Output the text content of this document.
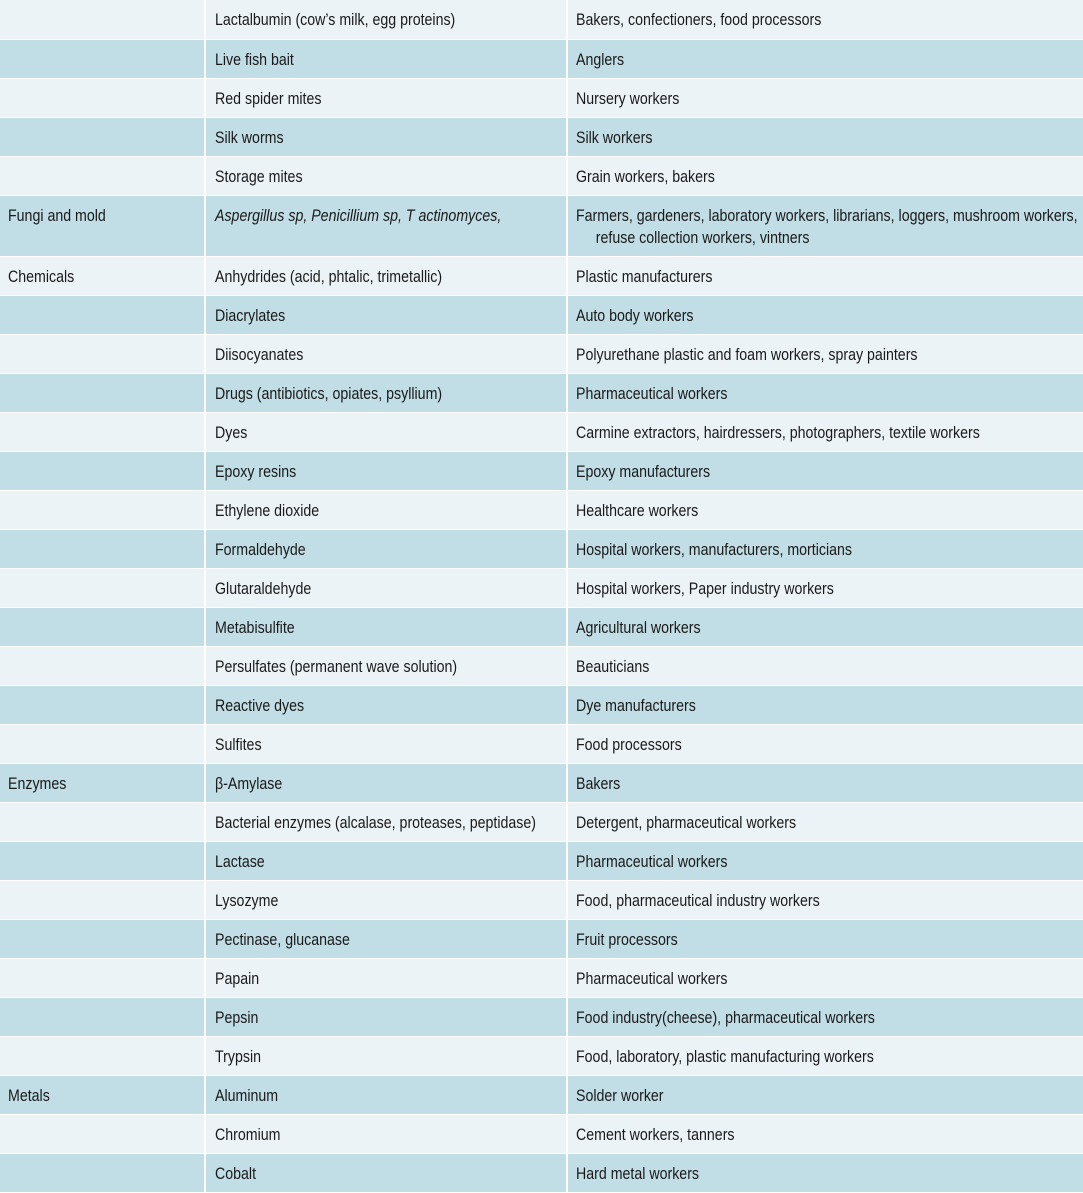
	Lactalbumin (cow’s milk, egg proteins)	Bakers, confectioners, food processors
	Live fish bait	Anglers
	Red spider mites	Nursery workers
	Silk worms	Silk workers
	Storage mites	Grain workers, bakers
Fungi and mold	Aspergillus sp, Penicillium sp, T actinomyces,	Farmers, gardeners, laboratory workers, librarians, loggers, mushroom workers, refuse collection workers, vintners

Chemicals	Anhydrides (acid, phtalic, trimetallic)	Plastic manufacturers
	Diacrylates	Auto body workers
	Diisocyanates	Polyurethane plastic and foam workers, spray painters
	Drugs (antibiotics, opiates, psyllium)	Pharmaceutical workers
	Dyes	Carmine extractors, hairdressers, photographers, textile workers
	Epoxy resins	Epoxy manufacturers
	Ethylene dioxide	Healthcare workers
	Formaldehyde	Hospital workers, manufacturers, morticians
	Glutaraldehyde	Hospital workers, Paper industry workers
	Metabisulfite	Agricultural workers
	Persulfates (permanent wave solution)	Beauticians
	Reactive dyes	Dye manufacturers
	Sulfites	Food processors
Enzymes	β-Amylase	Bakers
	Bacterial enzymes (alcalase, proteases, peptidase)	Detergent, pharmaceutical workers
	Lactase	Pharmaceutical workers
	Lysozyme	Food, pharmaceutical industry workers
	Pectinase, glucanase	Fruit processors
	Papain	Pharmaceutical workers
	Pepsin	Food industry(cheese), pharmaceutical workers
	Trypsin	Food, laboratory, plastic manufacturing workers
Metals	Aluminum	Solder worker
	Chromium	Cement workers, tanners
	Cobalt	Hard metal workers
